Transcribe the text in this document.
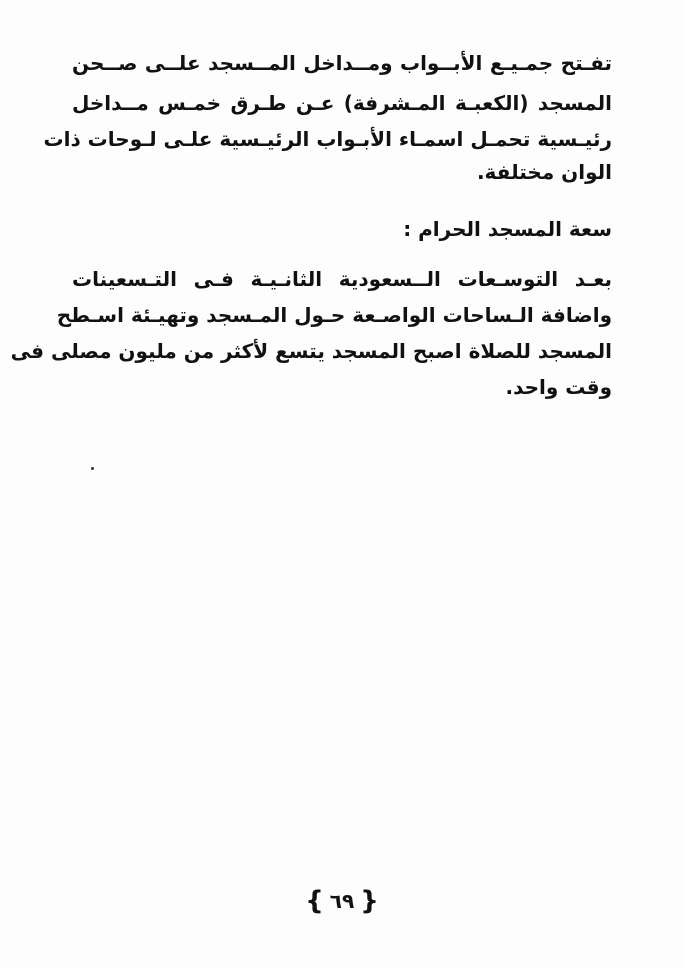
تفـتح جمـيـع الأبــواب ومــداخل المــسجد علــى صــحن
المسجد (الكعبـة المـشرفة) عـن طـرق خمـس مــداخل
رئيـسية تحمـل اسمـاء الأبـواب الرئيـسية علـى لـوحات ذات
الوان مختلفة.
سعة المسجد الحرام :
بعـد التوسـعات الــسعودية الثانـيـة فـى التـسعينات
واضافة الـساحات الواصـعة حـول المـسجد وتهيـئة اسـطح
المسجد للصلاة اصبح المسجد يتسع لأكثر من مليون مصلى فى
وقت واحد.
{ ٦٩ }
